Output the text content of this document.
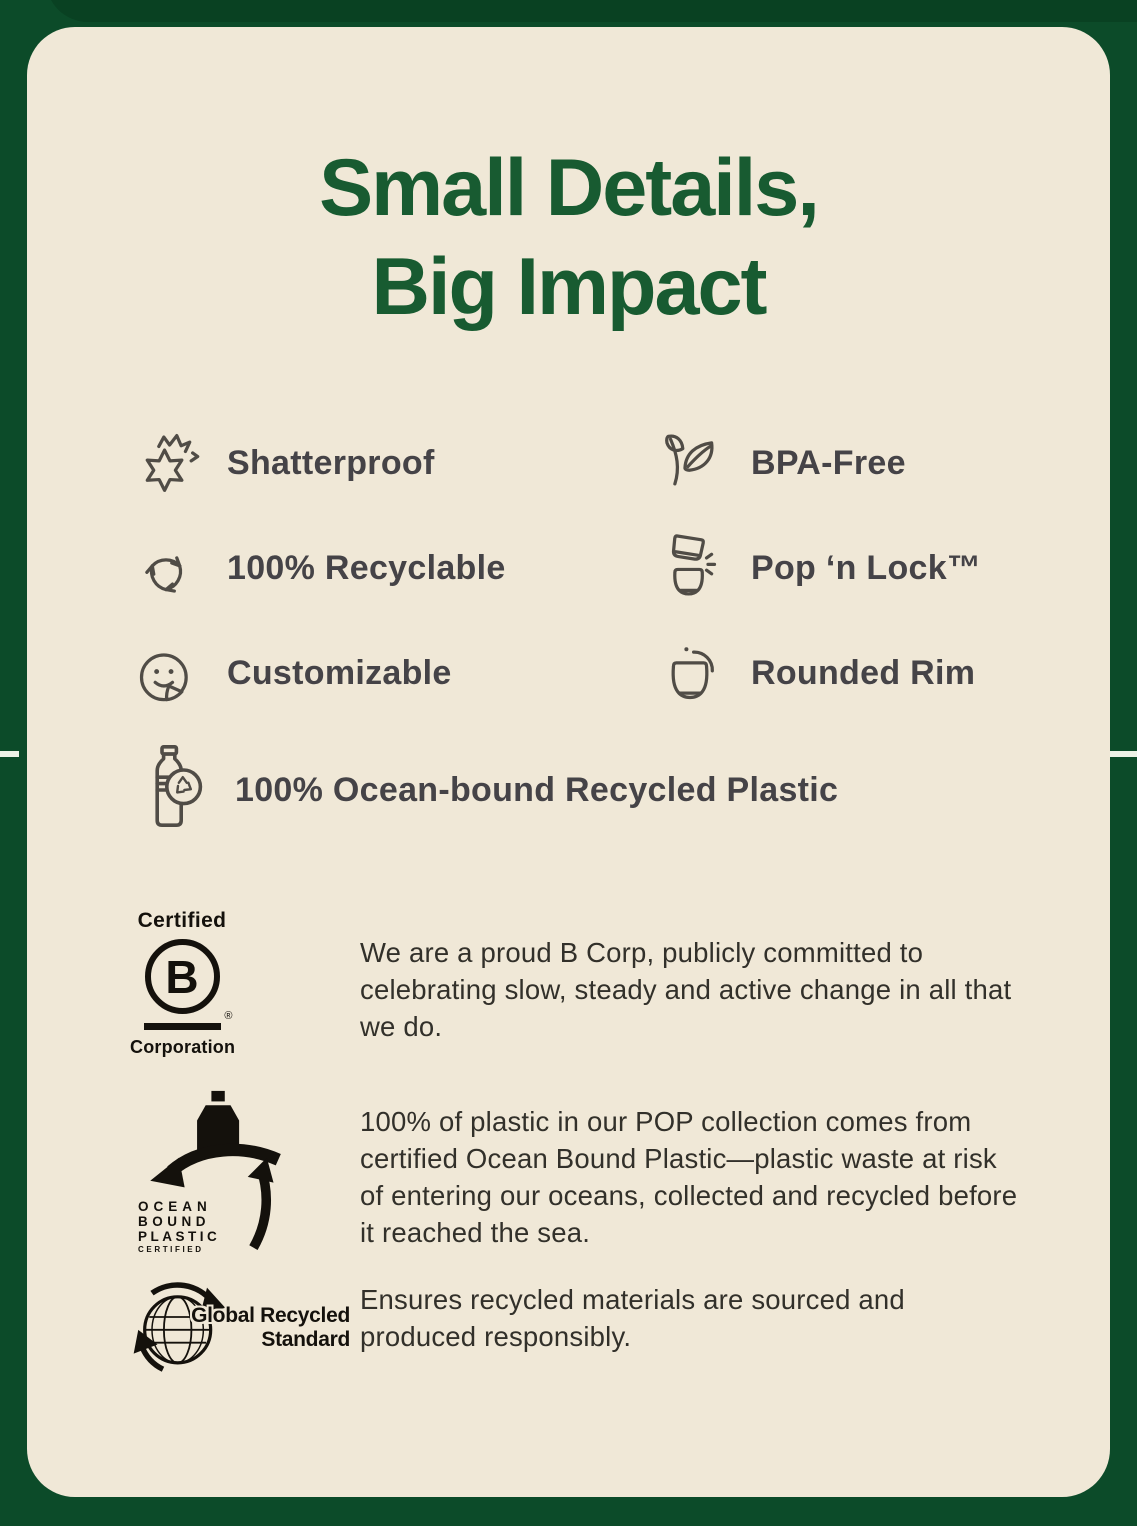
Small Details,
Big Impact
Shatterproof	BPA-Free
100% Recyclable	Pop ‘n Lock™
Customizable	Rounded Rim
100% Ocean-bound Recycled Plastic
Certified
B
®
Corporation
We are a proud B Corp, publicly committed to celebrating slow, steady and active change in all that we do.
OCEAN
BOUND
PLASTIC
CERTIFIED
100% of plastic in our POP collection comes from certified Ocean Bound Plastic—plastic waste at risk of entering our oceans, collected and recycled before it reached the sea.
Global Recycled
Standard
Ensures recycled materials are sourced and produced responsibly.
